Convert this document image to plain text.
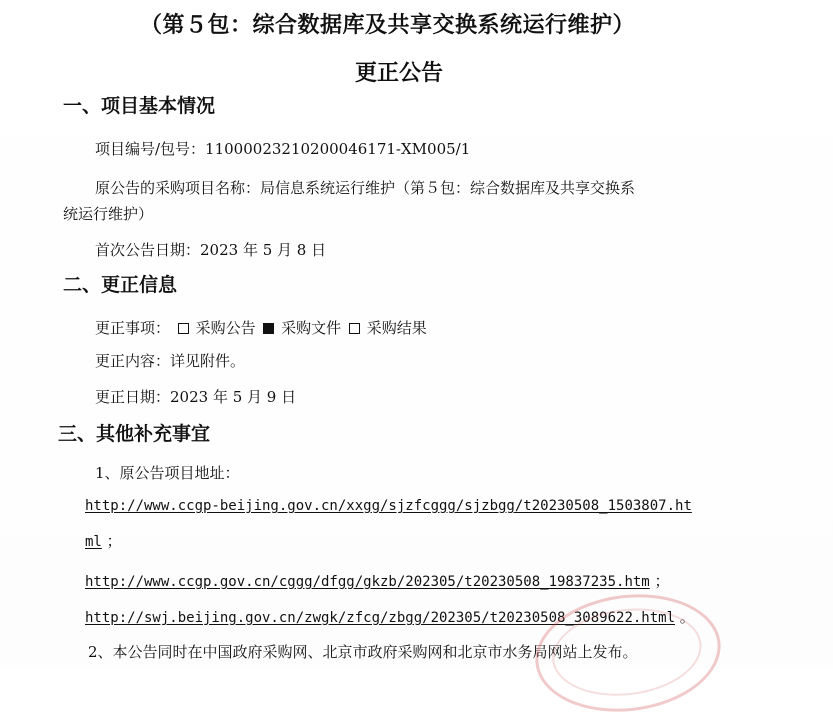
（第５包：综合数据库及共享交换系统运行维护）
更正公告
一、项目基本情况
项目编号/包号：11000023210200046171-XM005/1
原公告的采购项目名称：局信息系统运行维护（第５包：综合数据库及共享交换系
统运行维护）
首次公告日期：2023 年 5 月 8 日
二、更正信息
更正事项： 采购公告 采购文件 采购结果
更正内容：详见附件。
更正日期：2023 年 5 月 9 日
三、其他补充事宜
1、原公告项目地址：
http://www.ccgp-beijing.gov.cn/xxgg/sjzfcggg/sjzbgg/t20230508_1503807.ht
ml ；
http://www.ccgp.gov.cn/cggg/dfgg/gkzb/202305/t20230508_19837235.htm ；
http://swj.beijing.gov.cn/zwgk/zfcg/zbgg/202305/t20230508_3089622.html 。
2、本公告同时在中国政府采购网、北京市政府采购网和北京市水务局网站上发布。
